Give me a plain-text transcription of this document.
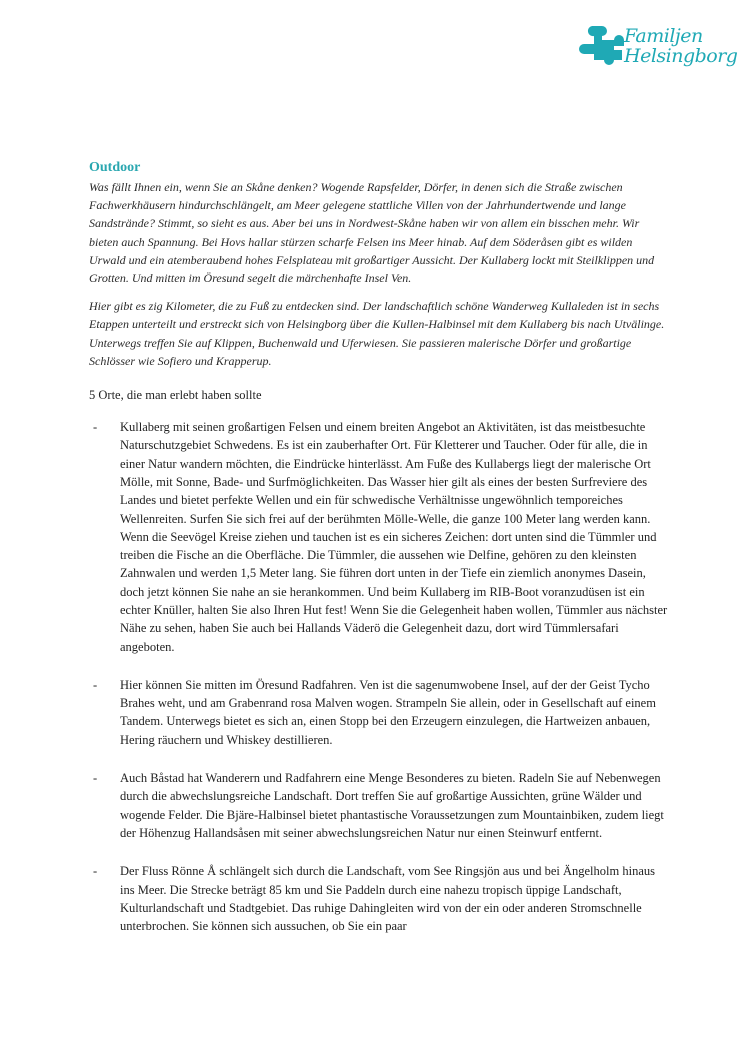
Familjen
Helsingborg
Outdoor

Was fällt Ihnen ein, wenn Sie an Skåne denken? Wogende Rapsfelder, Dörfer, in denen sich die Straße zwischen Fachwerkhäusern hindurchschlängelt, am Meer gelegene stattliche Villen von der Jahrhundertwende und lange Sandstrände? Stimmt, so sieht es aus. Aber bei uns in Nordwest-Skåne haben wir von allem ein bisschen mehr. Wir bieten auch Spannung. Bei Hovs hallar stürzen scharfe Felsen ins Meer hinab. Auf dem Söderåsen gibt es wilden Urwald und ein atemberaubend hohes Felsplateau mit großartiger Aussicht. Der Kullaberg lockt mit Steilklippen und Grotten. Und mitten im Öresund segelt die märchenhafte Insel Ven.

Hier gibt es zig Kilometer, die zu Fuß zu entdecken sind. Der landschaftlich schöne Wanderweg Kullaleden ist in sechs Etappen unterteilt und erstreckt sich von Helsingborg über die Kullen-Halbinsel mit dem Kullaberg bis nach Utvälinge. Unterwegs treffen Sie auf Klippen, Buchenwald und Uferwiesen. Sie passieren malerische Dörfer und großartige Schlösser wie Sofiero und Krapperup.

5 Orte, die man erlebt haben sollte
- Kullaberg mit seinen großartigen Felsen und einem breiten Angebot an Aktivitäten, ist das meistbesuchte Naturschutzgebiet Schwedens. Es ist ein zauberhafter Ort. Für Kletterer und Taucher. Oder für alle, die in einer Natur wandern möchten, die Eindrücke hinterlässt. Am Fuße des Kullabergs liegt der malerische Ort Mölle, mit Sonne, Bade- und Surfmöglichkeiten. Das Wasser hier gilt als eines der besten Surfreviere des Landes und bietet perfekte Wellen und ein für schwedische Verhältnisse ungewöhnlich temporeiches Wellenreiten. Surfen Sie sich frei auf der berühmten Mölle-Welle, die ganze 100 Meter lang werden kann.

Wenn die Seevögel Kreise ziehen und tauchen ist es ein sicheres Zeichen: dort unten sind die Tümmler und treiben die Fische an die Oberfläche. Die Tümmler, die aussehen wie Delfine, gehören zu den kleinsten Zahnwalen und werden 1,5 Meter lang. Sie führen dort unten in der Tiefe ein ziemlich anonymes Dasein, doch jetzt können Sie nahe an sie herankommen. Und beim Kullaberg im RIB-Boot voranzudüsen ist ein echter Knüller, halten Sie also Ihren Hut fest! Wenn Sie die Gelegenheit haben wollen, Tümmler aus nächster Nähe zu sehen, haben Sie auch bei Hallands Väderö die Gelegenheit dazu, dort wird Tümmlersafari angeboten.

- Hier können Sie mitten im Öresund Radfahren. Ven ist die sagenumwobene Insel, auf der der Geist Tycho Brahes weht, und am Grabenrand rosa Malven wogen. Strampeln Sie allein, oder in Gesellschaft auf einem Tandem. Unterwegs bietet es sich an, einen Stopp bei den Erzeugern einzulegen, die Hartweizen anbauen, Hering räuchern und Whiskey destillieren.

- Auch Båstad hat Wanderern und Radfahrern eine Menge Besonderes zu bieten. Radeln Sie auf Nebenwegen durch die abwechslungsreiche Landschaft. Dort treffen Sie auf großartige Aussichten, grüne Wälder und wogende Felder. Die Bjäre-Halbinsel bietet phantastische Voraussetzungen zum Mountainbiken, zudem liegt der Höhenzug Hallandsåsen mit seiner abwechslungsreichen Natur nur einen Steinwurf entfernt.

- Der Fluss Rönne Å schlängelt sich durch die Landschaft, vom See Ringsjön aus und bei Ängelholm hinaus ins Meer. Die Strecke beträgt 85 km und Sie Paddeln durch eine nahezu tropisch üppige Landschaft, Kulturlandschaft und Stadtgebiet. Das ruhige Dahingleiten wird von der ein oder anderen Stromschnelle unterbrochen. Sie können sich aussuchen, ob Sie ein paar
